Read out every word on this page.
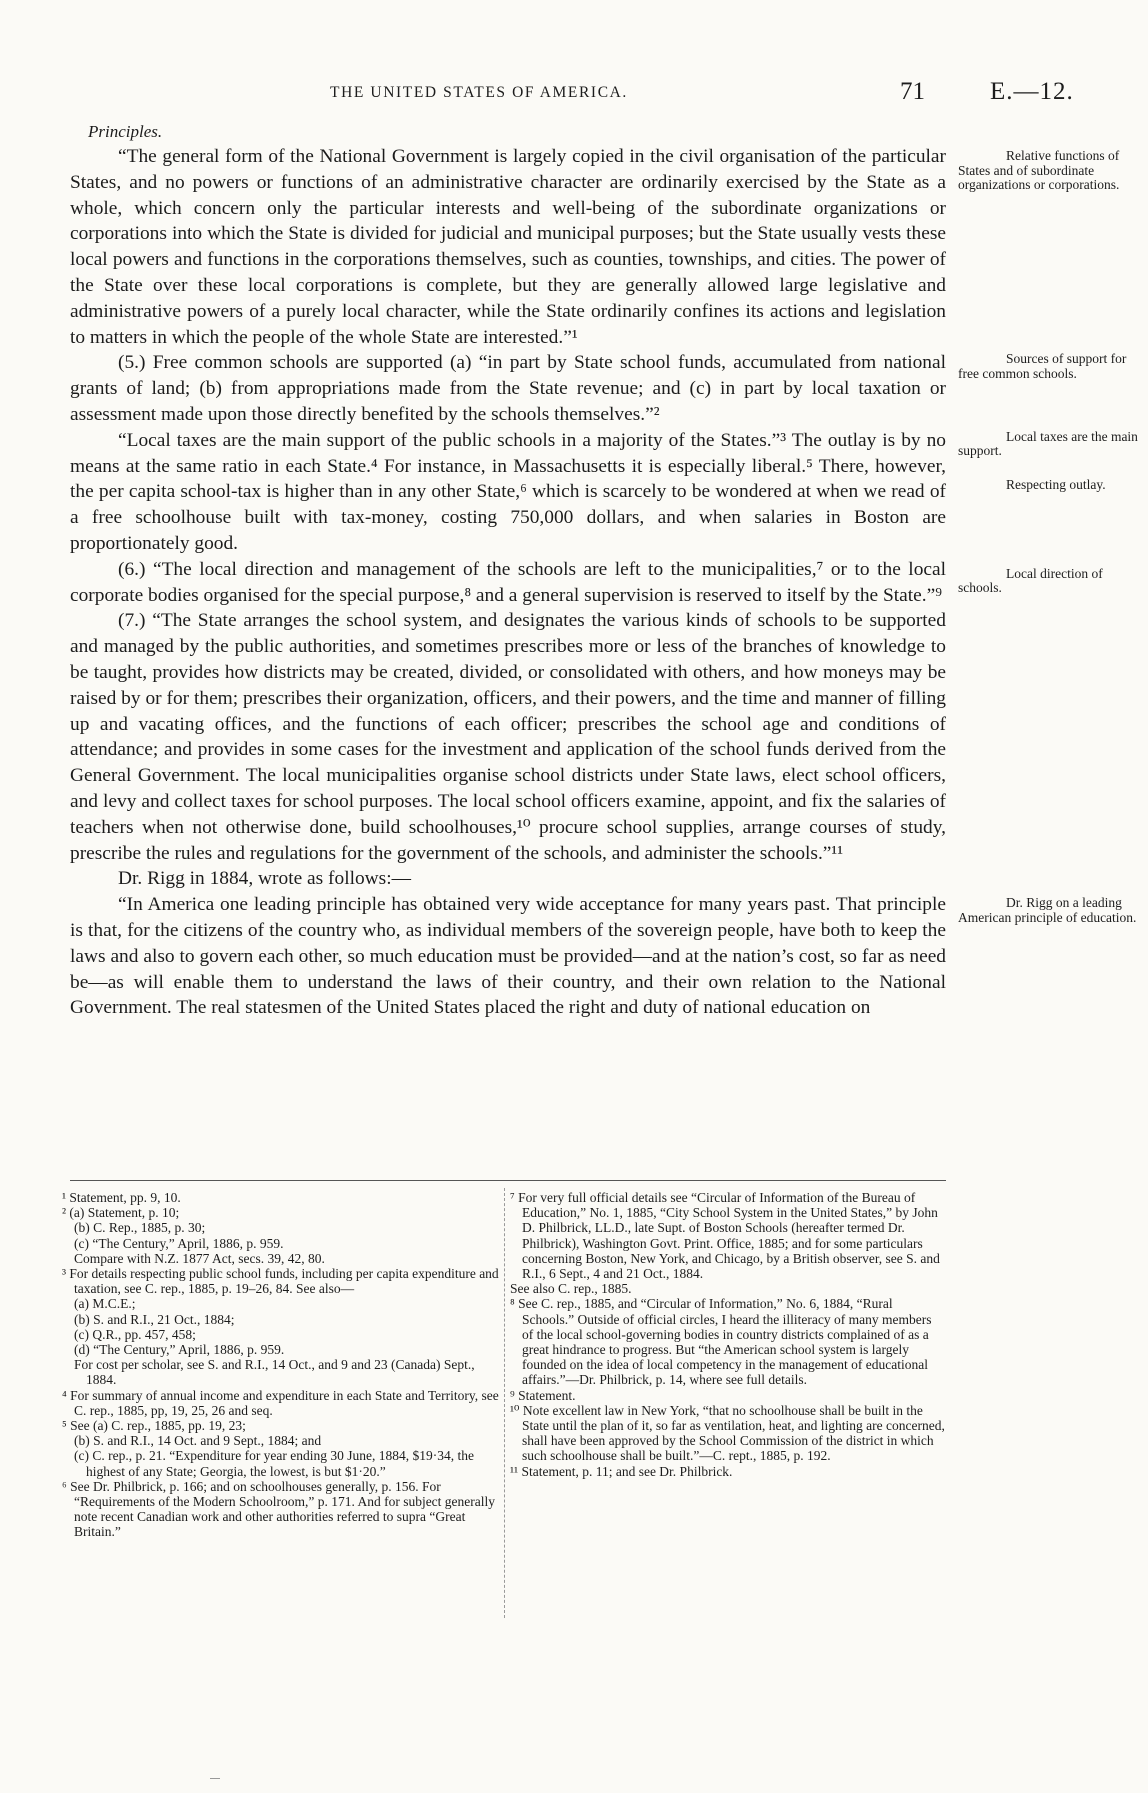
THE UNITED STATES OF AMERICA.	71	E.—12.
Principles.
“The general form of the National Government is largely copied in the civil organisation of the particular States, and no powers or functions of an administrative character are ordinarily exercised by the State as a whole, which concern only the particular interests and well-being of the subordinate organizations or corporations into which the State is divided for judicial and municipal purposes; but the State usually vests these local powers and functions in the corporations themselves, such as counties, townships, and cities. The power of the State over these local corporations is complete, but they are generally allowed large legislative and administrative powers of a purely local character, while the State ordinarily confines its actions and legislation to matters in which the people of the whole State are interested.”¹
Relative functions of States and of subordinate organizations or corporations.
(5.) Free common schools are supported (a) “in part by State school funds, accumulated from national grants of land; (b) from appropriations made from the State revenue; and (c) in part by local taxation or assessment made upon those directly benefited by the schools themselves.”²
Sources of support for free common schools.
“Local taxes are the main support of the public schools in a majority of the States.”³ The outlay is by no means at the same ratio in each State.⁴ For instance, in Massachusetts it is especially liberal.⁵ There, however, the per capita school-tax is higher than in any other State,⁶ which is scarcely to be wondered at when we read of a free schoolhouse built with tax-money, costing 750,000 dollars, and when salaries in Boston are proportionately good.
Local taxes are the main support.
Respecting outlay.
(6.) “The local direction and management of the schools are left to the municipalities,⁷ or to the local corporate bodies organised for the special purpose,⁸ and a general supervision is reserved to itself by the State.”⁹
Local direction of schools.
(7.) “The State arranges the school system, and designates the various kinds of schools to be supported and managed by the public authorities, and sometimes prescribes more or less of the branches of knowledge to be taught, provides how districts may be created, divided, or consolidated with others, and how moneys may be raised by or for them; prescribes their organization, officers, and their powers, and the time and manner of filling up and vacating offices, and the functions of each officer; prescribes the school age and conditions of attendance; and provides in some cases for the investment and application of the school funds derived from the General Government. The local municipalities organise school districts under State laws, elect school officers, and levy and collect taxes for school purposes. The local school officers examine, appoint, and fix the salaries of teachers when not otherwise done, build schoolhouses,¹⁰ procure school supplies, arrange courses of study, prescribe the rules and regulations for the government of the schools, and administer the schools.”¹¹
Dr. Rigg in 1884, wrote as follows:—
“In America one leading principle has obtained very wide acceptance for many years past. That principle is that, for the citizens of the country who, as individual members of the sovereign people, have both to keep the laws and also to govern each other, so much education must be provided—and at the nation’s cost, so far as need be—as will enable them to understand the laws of their country, and their own relation to the National Government. The real statesmen of the United States placed the right and duty of national education on
Dr. Rigg on a leading American principle of education.
¹ Statement, pp. 9, 10.
² (a) Statement, p. 10;
(b) C. Rep., 1885, p. 30;
(c) “The Century,” April, 1886, p. 959.
Compare with N.Z. 1877 Act, secs. 39, 42, 80.
³ For details respecting public school funds, including per capita expenditure and taxation, see C. rep., 1885, p. 19–26, 84. See also—
(a) M.C.E.;
(b) S. and R.I., 21 Oct., 1884;
(c) Q.R., pp. 457, 458;
(d) “The Century,” April, 1886, p. 959.
For cost per scholar, see S. and R.I., 14 Oct., and 9 and 23 (Canada) Sept., 1884.
⁴ For summary of annual income and expenditure in each State and Territory, see C. rep., 1885, pp, 19, 25, 26 and seq.
⁵ See (a) C. rep., 1885, pp. 19, 23;
(b) S. and R.I., 14 Oct. and 9 Sept., 1884; and
(c) C. rep., p. 21. “Expenditure for year ending 30 June, 1884, $19·34, the highest of any State; Georgia, the lowest, is but $1·20.”
⁶ See Dr. Philbrick, p. 166; and on schoolhouses generally, p. 156. For “Requirements of the Modern Schoolroom,” p. 171. And for subject generally note recent Canadian work and other authorities referred to supra “Great Britain.”
⁷ For very full official details see “Circular of Information of the Bureau of Education,” No. 1, 1885, “City School System in the United States,” by John D. Philbrick, LL.D., late Supt. of Boston Schools (hereafter termed Dr. Philbrick), Washington Govt. Print. Office, 1885; and for some particulars concerning Boston, New York, and Chicago, by a British observer, see S. and R.I., 6 Sept., 4 and 21 Oct., 1884.
See also C. rep., 1885.
⁸ See C. rep., 1885, and “Circular of Information,” No. 6, 1884, “Rural Schools.” Outside of official circles, I heard the illiteracy of many members of the local school-governing bodies in country districts complained of as a great hindrance to progress. But “the American school system is largely founded on the idea of local competency in the management of educational affairs.”—Dr. Philbrick, p. 14, where see full details.
⁹ Statement.
¹⁰ Note excellent law in New York, “that no schoolhouse shall be built in the State until the plan of it, so far as ventilation, heat, and lighting are concerned, shall have been approved by the School Commission of the district in which such schoolhouse shall be built.”—C. rept., 1885, p. 192.
¹¹ Statement, p. 11; and see Dr. Philbrick.
